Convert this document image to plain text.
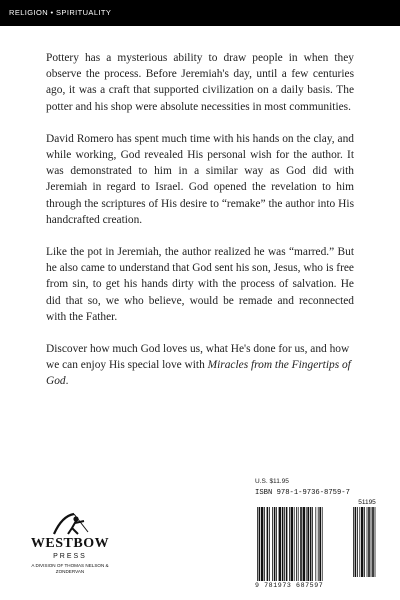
RELIGION • SPIRITUALITY

Pottery has a mysterious ability to draw people in when they observe the process. Before Jeremiah's day, until a few centuries ago, it was a craft that supported civilization on a daily basis. The potter and his shop were absolute necessities in most communities.

David Romero has spent much time with his hands on the clay, and while working, God revealed His personal wish for the author. It was demonstrated to him in a similar way as God did with Jeremiah in regard to Israel. God opened the revelation to him through the scriptures of His desire to “remake” the author into His handcrafted creation.

Like the pot in Jeremiah, the author realized he was “marred.” But he also came to understand that God sent his son, Jesus, who is free from sin, to get his hands dirty with the process of salvation. He did that so, we who believe, would be remade and reconnected with the Father.

Discover how much God loves us, what He's done for us, and how we can enjoy His special love with Miracles from the Fingertips of God.

WESTBOW
PRESS
A DIVISION OF THOMAS NELSON & ZONDERVAN
U.S. $11.95
ISBN 978-1-9736-8759-7
51195
9 781973 687597
